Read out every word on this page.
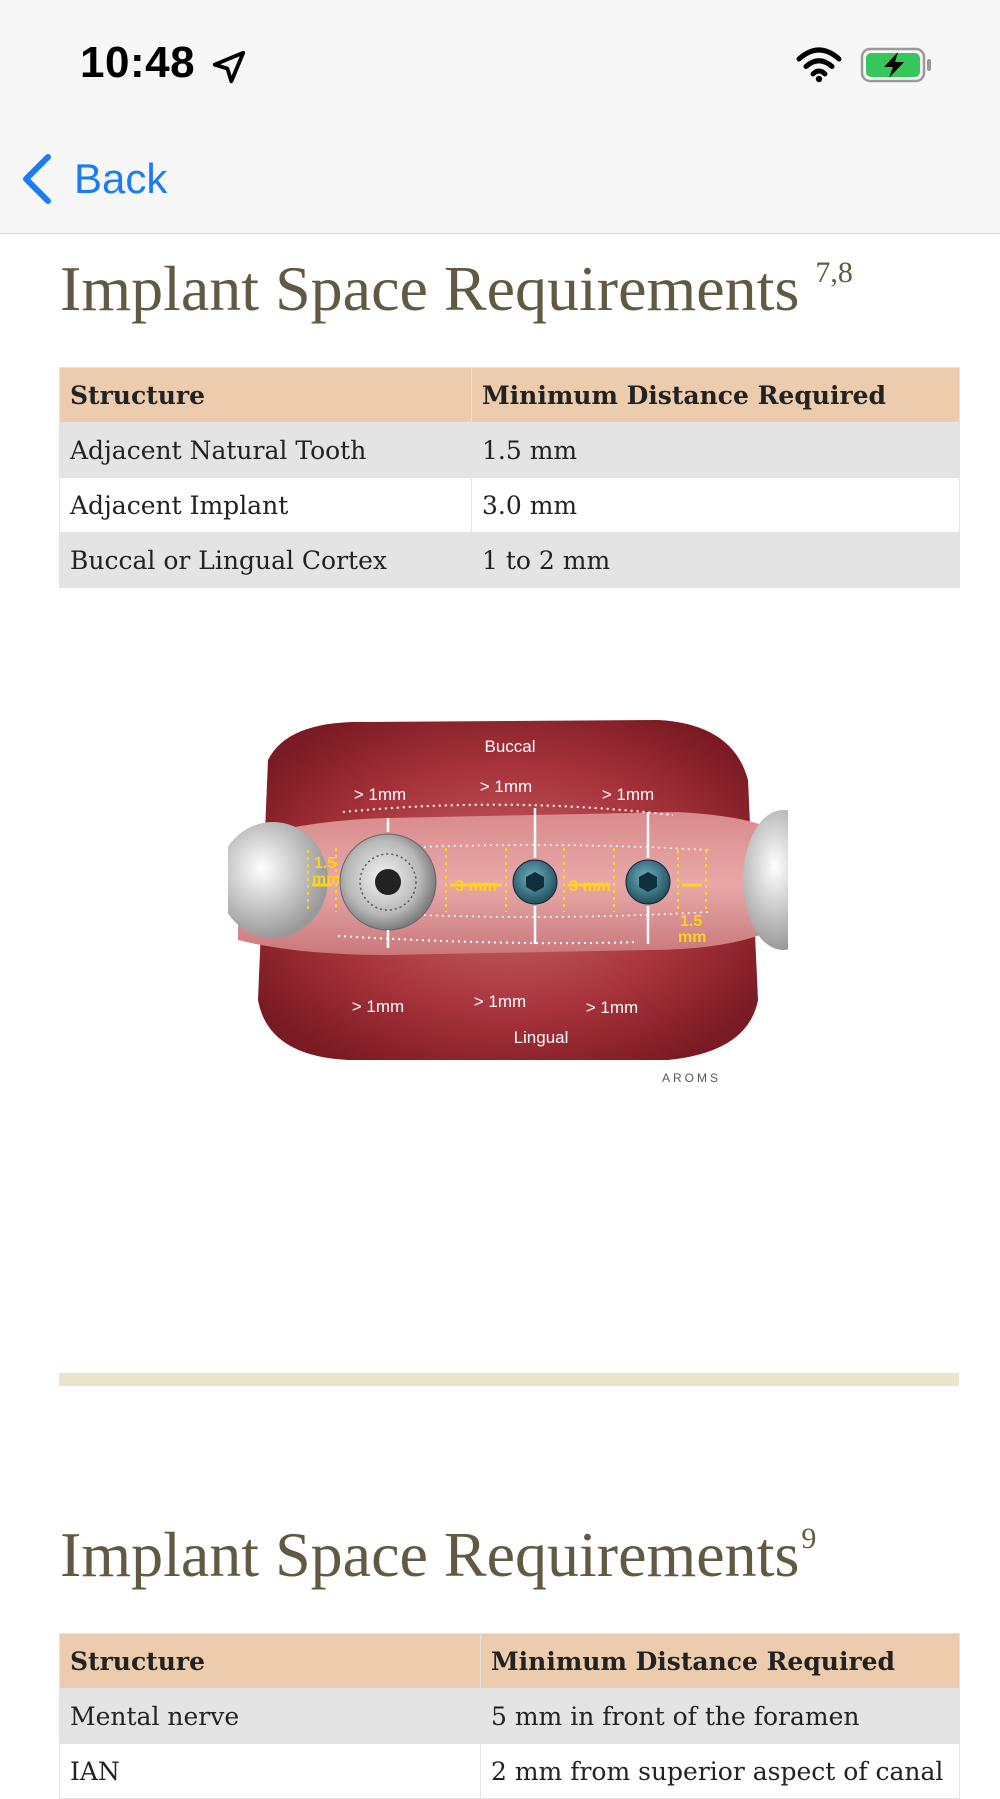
10:48
Back
Implant Space Requirements $^{7,8}$
Structure	Minimum Distance Required
Adjacent Natural Tooth	1.5 mm
Adjacent Implant	3.0 mm
Buccal or Lingual Cortex	1 to 2 mm
Buccal
> 1mm	> 1mm	> 1mm
1.5
mm	3 mm	3 mm
1.5
mm
> 1mm	> 1mm	> 1mm
Lingual
AROMS
Implant Space Requirements$^9$
Structure	Minimum Distance Required
Mental nerve	5 mm in front of the foramen
IAN	2 mm from superior aspect of canal
